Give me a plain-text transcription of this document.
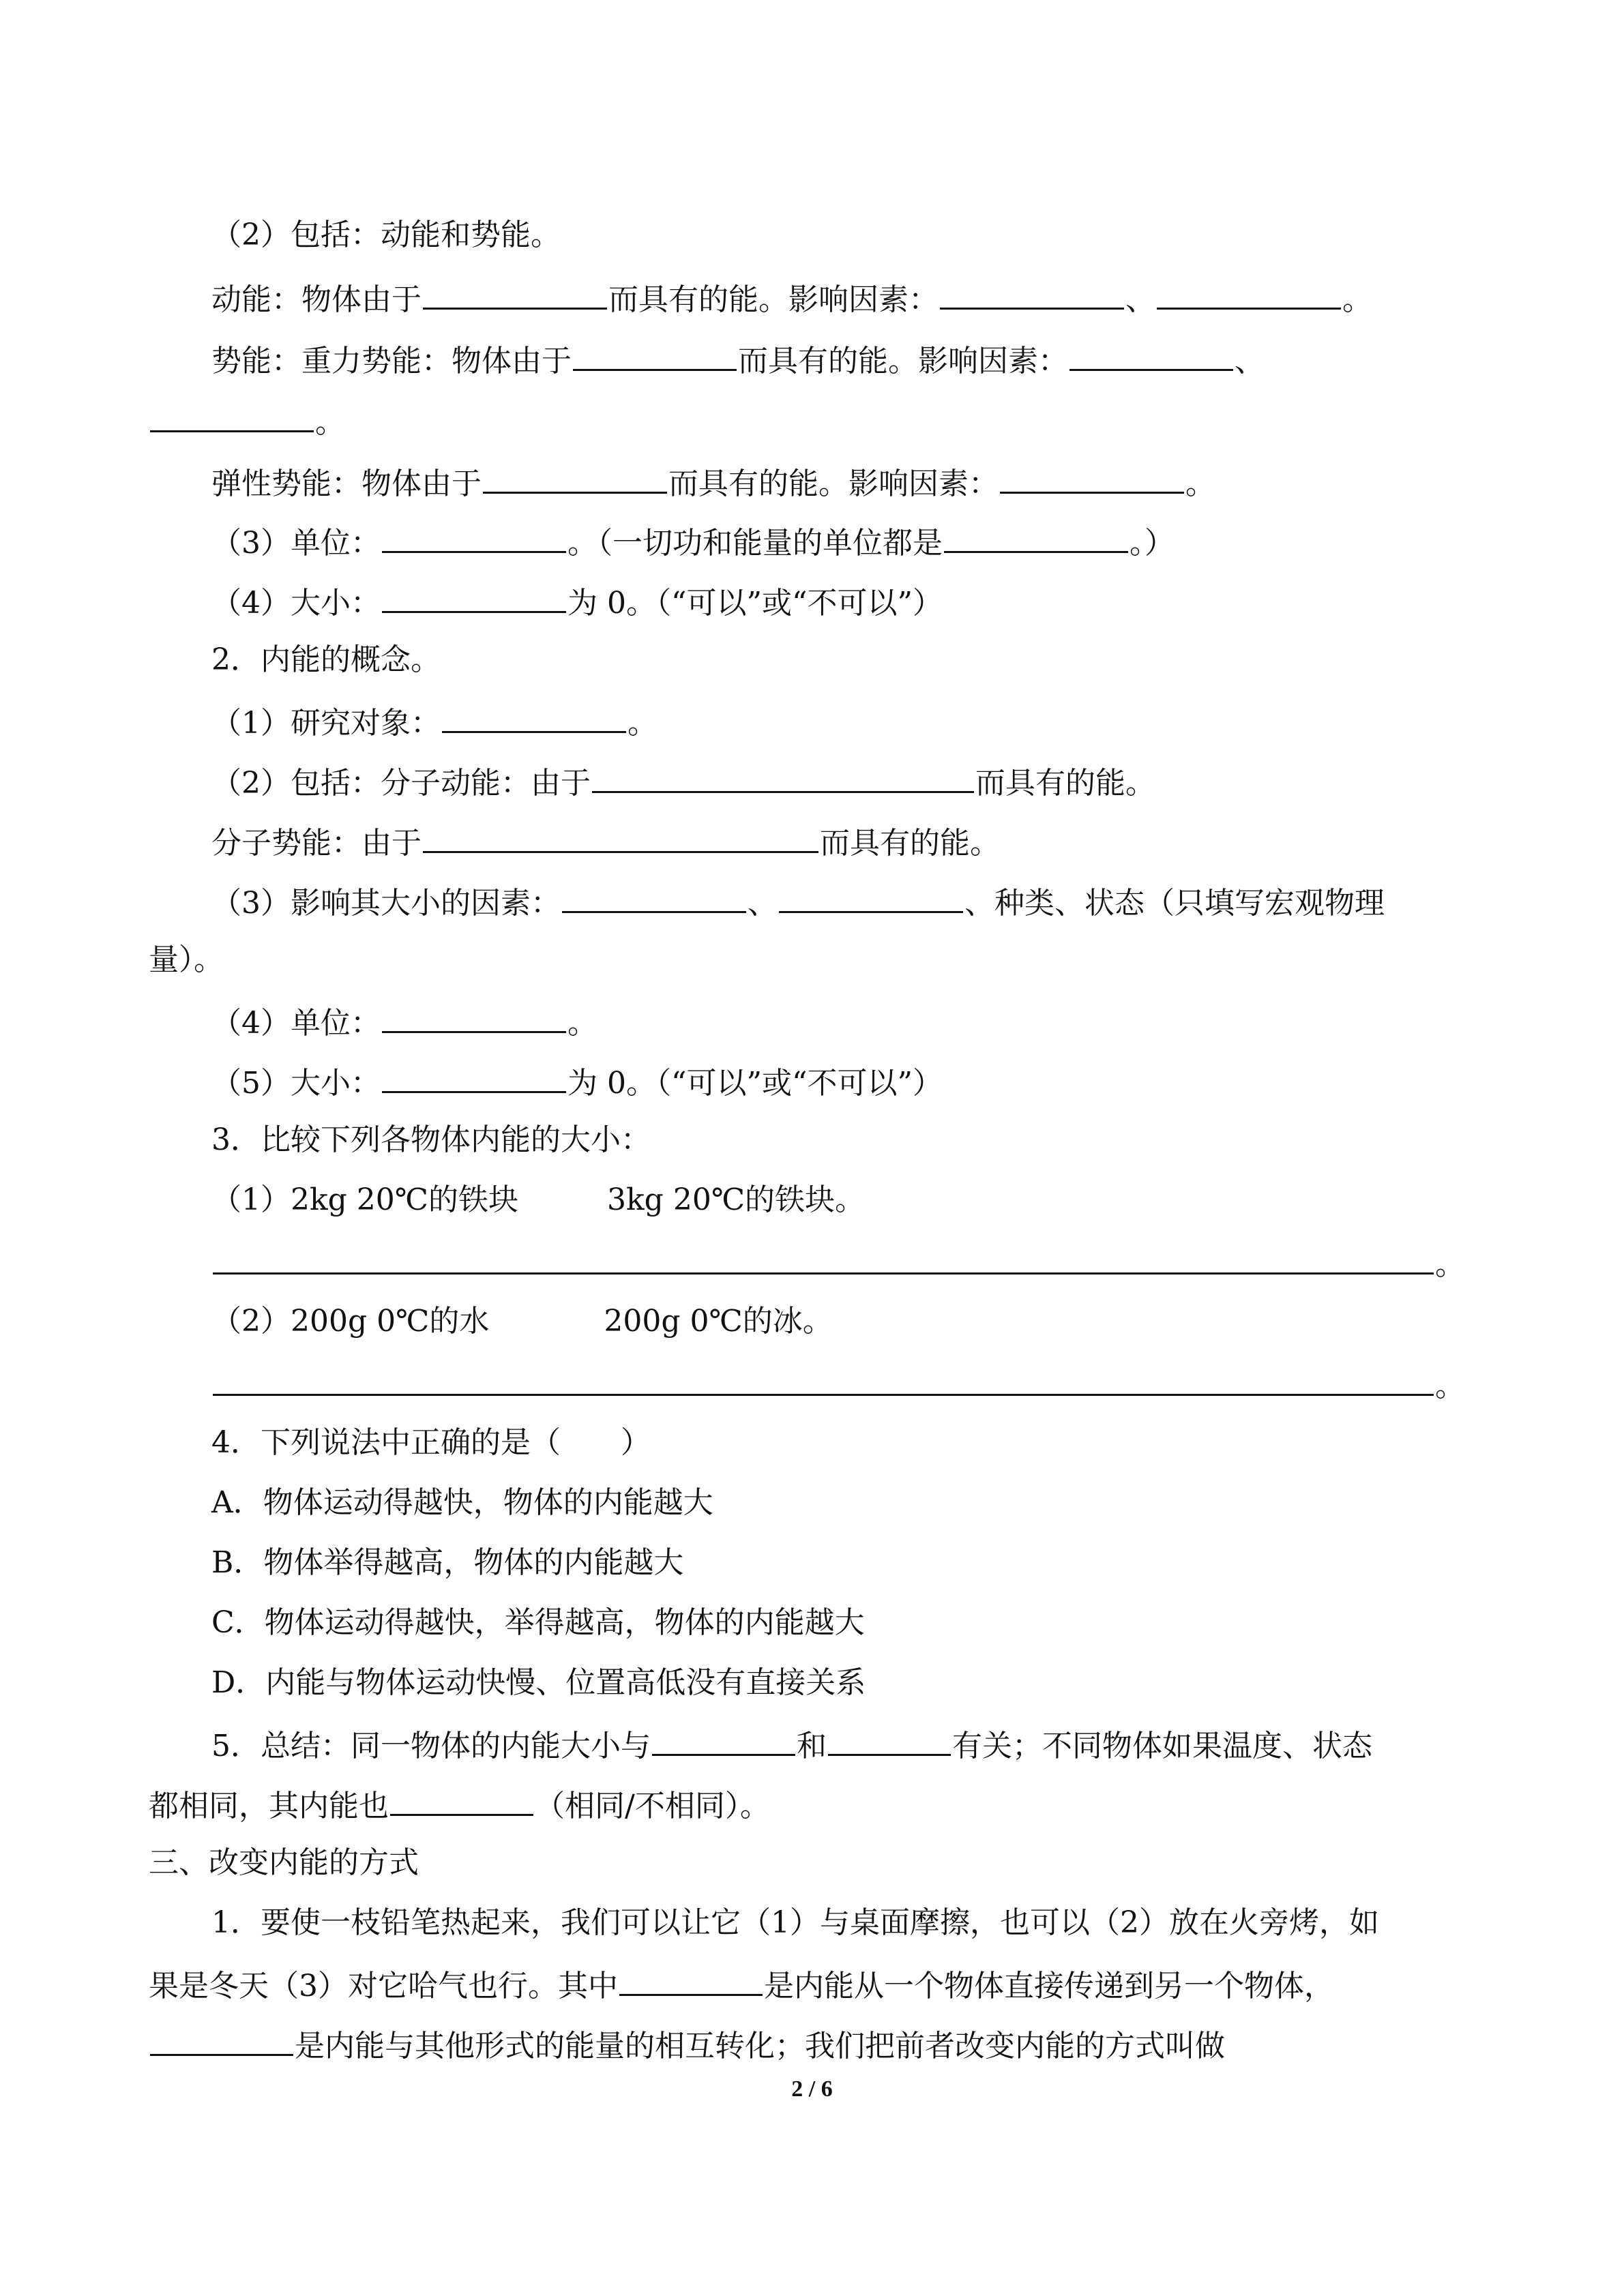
（2）包括：动能和势能。
动能：物体由于	而具有的能。影响因素：	、	。
势能：重力势能：物体由于	而具有的能。影响因素：	、
。
弹性势能：物体由于	而具有的能。影响因素：	。
（3）单位：	。（一切功和能量的单位都是	。）
（4）大小：	为 0。（“可以”或“不可以”）
2．内能的概念。
（1）研究对象：	。
（2）包括：分子动能：由于	而具有的能。
分子势能：由于	而具有的能。
（3）影响其大小的因素：	、	、种类、状态（只填写宏观物理
量）。
（4）单位：	。
（5）大小：	为 0。（“可以”或“不可以”）
3．比较下列各物体内能的大小：
（1）2kg 20℃的铁块	3kg 20℃的铁块。
。
（2）200g 0℃的水	200g 0℃的冰。
。
4．下列说法中正确的是（　　）
A．物体运动得越快，物体的内能越大
B．物体举得越高，物体的内能越大
C．物体运动得越快，举得越高，物体的内能越大
D．内能与物体运动快慢、位置高低没有直接关系
5．总结：同一物体的内能大小与	和	有关；不同物体如果温度、状态
都相同，其内能也	（相同/不相同）。
三、改变内能的方式
1．要使一枝铅笔热起来，我们可以让它（1）与桌面摩擦，也可以（2）放在火旁烤，如
果是冬天（3）对它哈气也行。其中	是内能从一个物体直接传递到另一个物体，
是内能与其他形式的能量的相互转化；我们把前者改变内能的方式叫做
2 / 6
